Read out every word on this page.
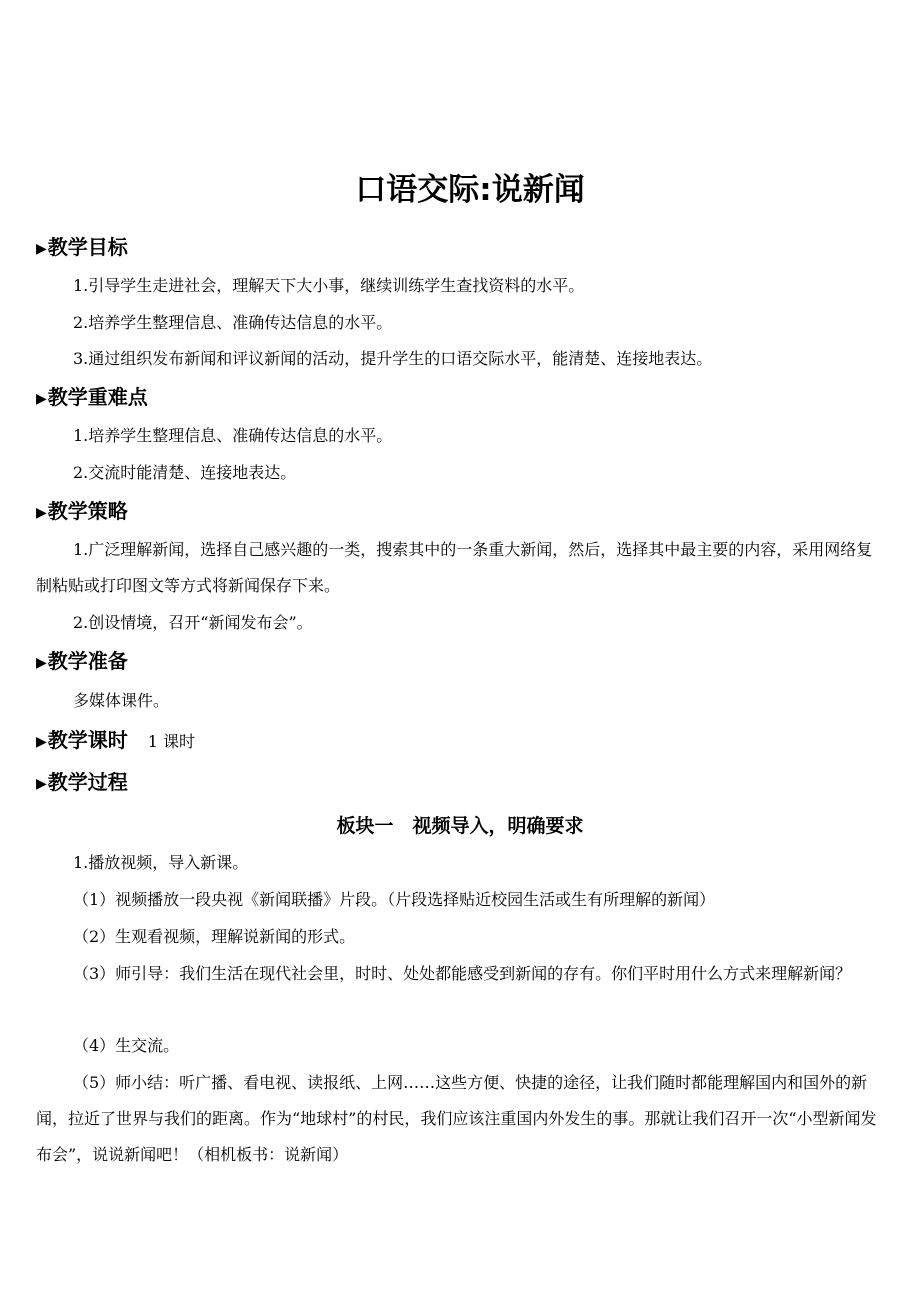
口语交际:说新闻
▶教学目标
1.引导学生走进社会，理解天下大小事，继续训练学生查找资料的水平。
2.培养学生整理信息、准确传达信息的水平。
3.通过组织发布新闻和评议新闻的活动，提升学生的口语交际水平，能清楚、连接地表达。
▶教学重难点
1.培养学生整理信息、准确传达信息的水平。
2.交流时能清楚、连接地表达。
▶教学策略
1.广泛理解新闻，选择自己感兴趣的一类，搜索其中的一条重大新闻，然后，选择其中最主要的内容，采用网络复制粘贴或打印图文等方式将新闻保存下来。
2.创设情境，召开“新闻发布会”。
▶教学准备
多媒体课件。
▶教学课时 1 课时
▶教学过程
板块一　视频导入，明确要求
1.播放视频，导入新课。
（1）视频播放一段央视《新闻联播》片段。（片段选择贴近校园生活或生有所理解的新闻）
（2）生观看视频，理解说新闻的形式。
（3）师引导：我们生活在现代社会里，时时、处处都能感受到新闻的存有。你们平时用什么方式来理解新闻？
（4）生交流。
（5）师小结：听广播、看电视、读报纸、上网……这些方便、快捷的途径，让我们随时都能理解国内和国外的新闻，拉近了世界与我们的距离。作为“地球村”的村民，我们应该注重国内外发生的事。那就让我们召开一次“小型新闻发布会”，说说新闻吧！（相机板书：说新闻）
